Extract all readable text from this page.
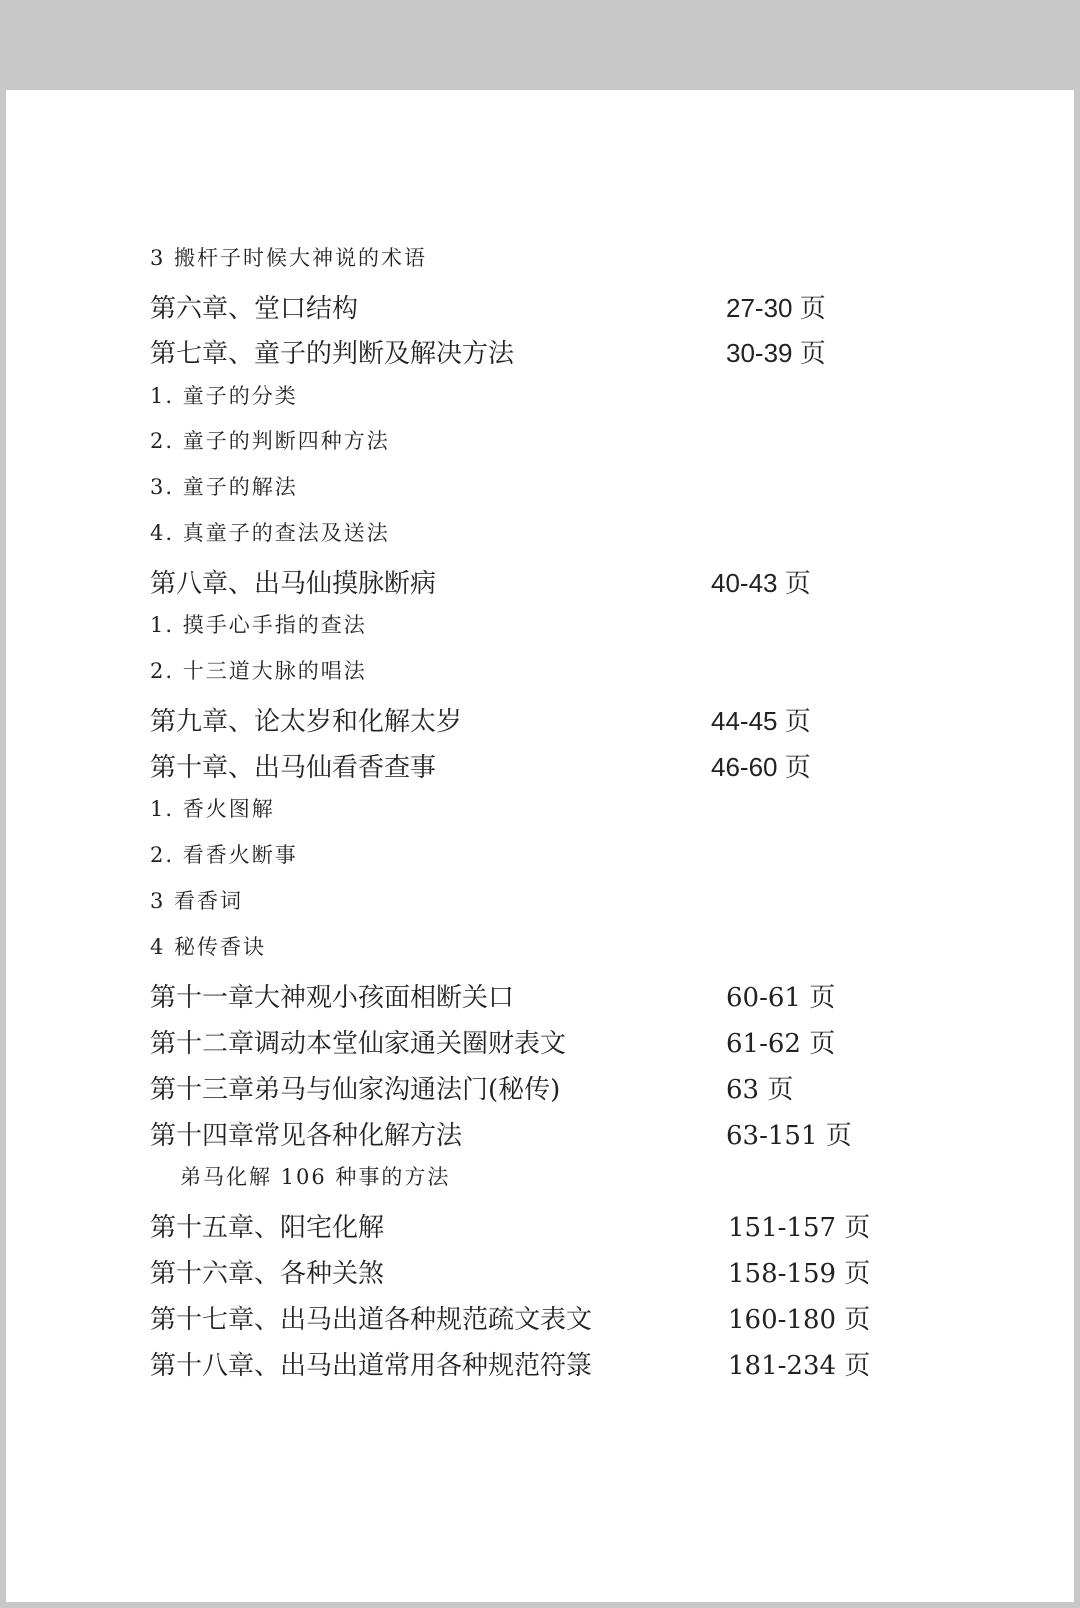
3 搬杆子时候大神说的术语
第六章、堂口结构	27-30 页
第七章、童子的判断及解决方法	30-39 页
1. 童子的分类
2. 童子的判断四种方法
3. 童子的解法
4. 真童子的查法及送法
第八章、出马仙摸脉断病	40-43 页
1. 摸手心手指的查法
2. 十三道大脉的唱法
第九章、论太岁和化解太岁	44-45 页
第十章、出马仙看香查事	46-60 页
1. 香火图解
2. 看香火断事
3 看香词
4 秘传香诀
第十一章大神观小孩面相断关口	60-61 页
第十二章调动本堂仙家通关圈财表文	61-62 页
第十三章弟马与仙家沟通法门(秘传)	63 页
第十四章常见各种化解方法	63-151 页
弟马化解 106 种事的方法
第十五章、阳宅化解	151-157 页
第十六章、各种关煞	158-159 页
第十七章、出马出道各种规范疏文表文	160-180 页
第十八章、出马出道常用各种规范符箓	181-234 页
